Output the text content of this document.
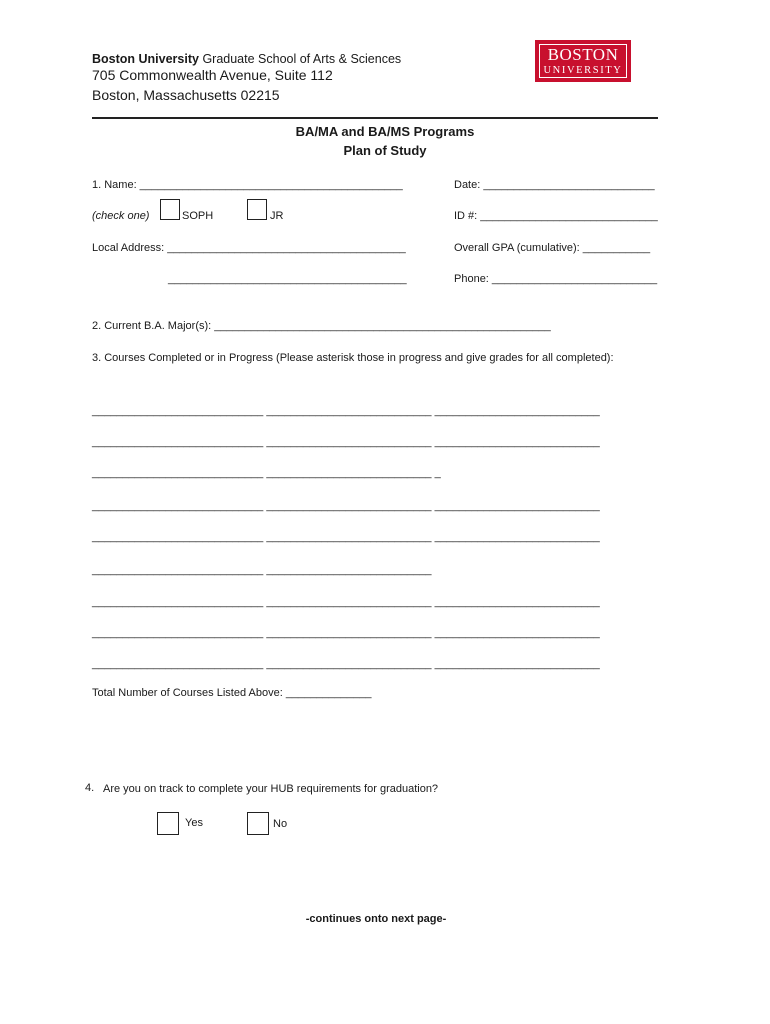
Boston University Graduate School of Arts & Sciences
705 Commonwealth Avenue, Suite 112
Boston, Massachusetts 02215
BOSTON
UNIVERSITY
BA/MA and BA/MS Programs
Plan of Study
1. Name: ___________________________________________	Date: ____________________________
(check one)	SOPH	JR	ID #: _____________________________
Local Address: _______________________________________	Overall GPA (cumulative): ___________
_______________________________________	Phone: ___________________________
2. Current B.A. Major(s): _______________________________________________________
3. Courses Completed or in Progress (Please asterisk those in progress and give grades for all completed):
____________________________ ___________________________ ___________________________
____________________________ ___________________________ ___________________________
____________________________ ___________________________ _
____________________________ ___________________________ ___________________________
____________________________ ___________________________ ___________________________
____________________________ ___________________________
____________________________ ___________________________ ___________________________
____________________________ ___________________________ ___________________________
____________________________ ___________________________ ___________________________
Total Number of Courses Listed Above: ______________
4. Are you on track to complete your HUB requirements for graduation?
Yes	No
-continues onto next page-
